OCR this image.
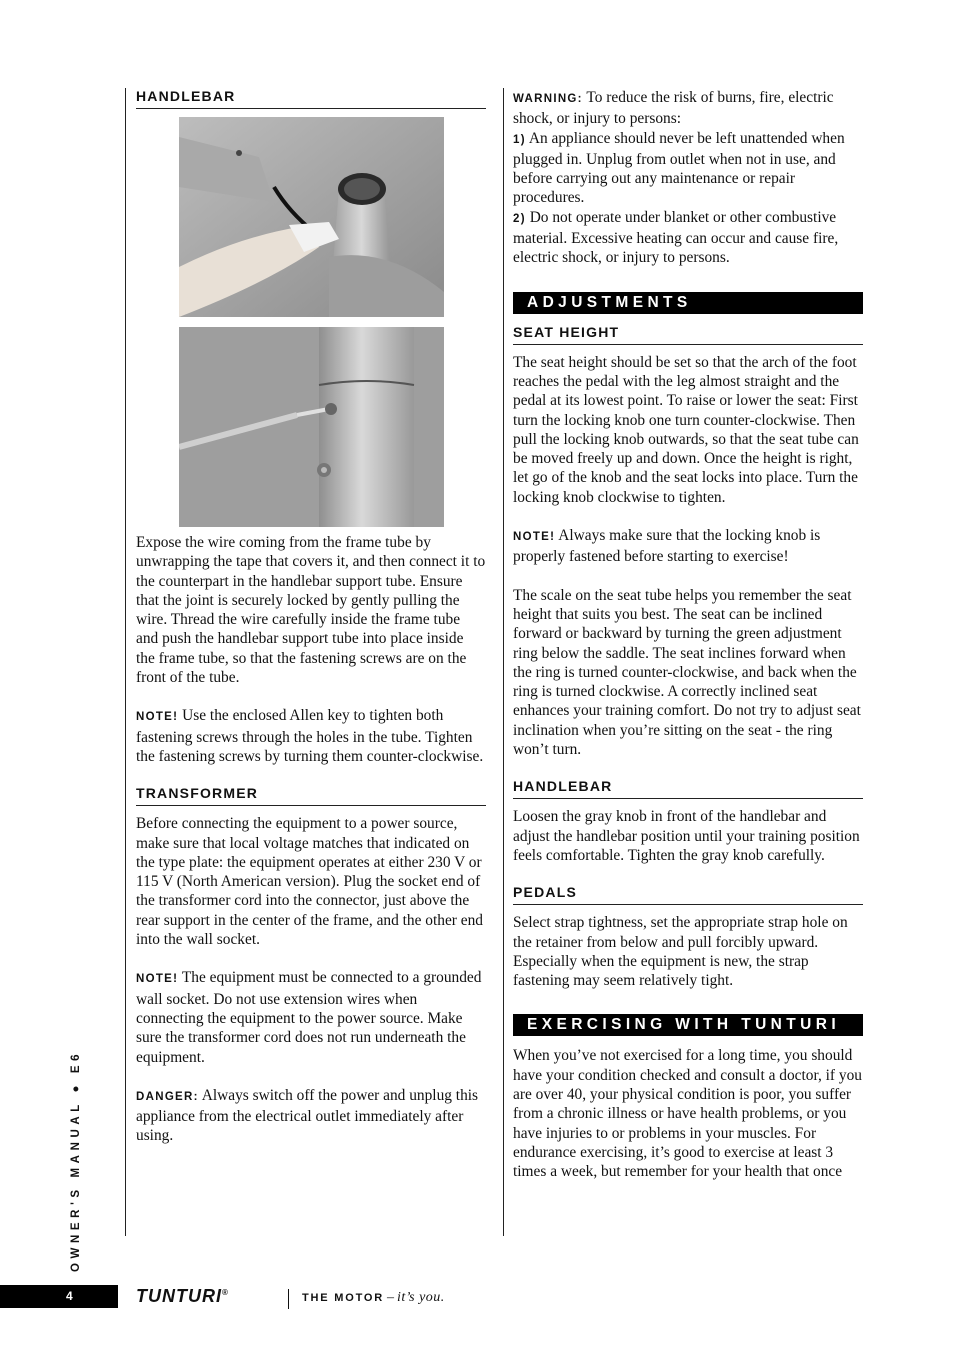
HANDLEBAR

Expose the wire coming from the frame tube by unwrapping the tape that covers it, and then connect it to the counterpart in the handlebar support tube. Ensure that the joint is securely locked by gently pulling the wire. Thread the wire carefully inside the frame tube and push the handlebar support tube into place inside the frame tube, so that the fastening screws are on the front of the tube.

NOTE! Use the enclosed Allen key to tighten both fastening screws through the holes in the tube. Tighten the fastening screws by turning them counter-clockwise.

TRANSFORMER

Before connecting the equipment to a power source, make sure that local voltage matches that indicated on the type plate: the equipment operates at either 230 V or 115 V (North American version). Plug the socket end of the transformer cord into the connector, just above the rear support in the center of the frame, and the other end into the wall socket.

NOTE! The equipment must be connected to a grounded wall socket. Do not use extension wires when connecting the equipment to the power source. Make sure the transformer cord does not run underneath the equipment.

DANGER: Always switch off the power and unplug this appliance from the electrical outlet immediately after using.

WARNING: To reduce the risk of burns, fire, electric shock, or injury to persons:

1) An appliance should never be left unattended when plugged in. Unplug from outlet when not in use, and before carrying out any maintenance or repair procedures.

2) Do not operate under blanket or other combustive material. Excessive heating can occur and cause fire, electric shock, or injury to persons.

ADJUSTMENTS
SEAT HEIGHT

The seat height should be set so that the arch of the foot reaches the pedal with the leg almost straight and the pedal at its lowest point. To raise or lower the seat: First turn the locking knob one turn counter-clockwise. Then pull the locking knob outwards, so that the seat tube can be moved freely up and down. Once the height is right, let go of the knob and the seat locks into place. Turn the locking knob clockwise to tighten.

NOTE! Always make sure that the locking knob is properly fastened before starting to exercise!

The scale on the seat tube helps you remember the seat height that suits you best. The seat can be inclined forward or backward by turning the green adjustment ring below the saddle. The seat inclines forward when the ring is turned counter-clockwise, and back when the ring is turned clockwise. A correctly inclined seat enhances your training comfort. Do not try to adjust seat inclination when you’re sitting on the seat - the ring won’t turn.

HANDLEBAR

Loosen the gray knob in front of the handlebar and adjust the handlebar position until your training position feels comfortable. Tighten the gray knob carefully.

PEDALS

Select strap tightness, set the appropriate strap hole on the retainer from below and pull forcibly upward. Especially when the equipment is new, the strap fastening may seem relatively tight.

EXERCISING WITH TUNTURI

When you’ve not exercised for a long time, you should have your condition checked and consult a doctor, if you are over 40, your physical condition is poor, you suffer from a chronic illness or have health problems, or you have injuries to or problems in your muscles. For endurance exercising, it’s good to exercise at least 3 times a week, but remember for your health that once

OWNER'S MANUAL ● E6
4	TUNTURI®	THE MOTOR – it’s you.
